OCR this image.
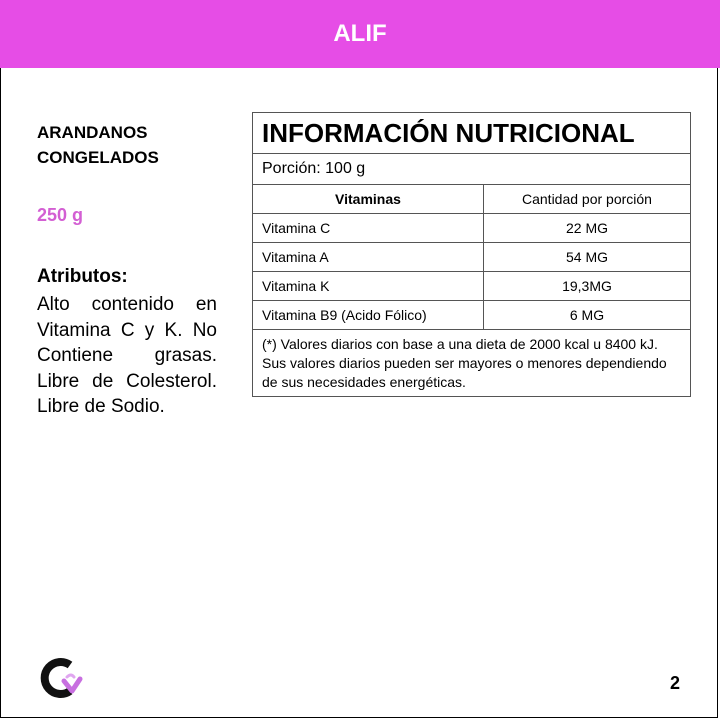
ALIF
ARANDANOS
CONGELADOS
250 g
Atributos:
Alto contenido en Vitamina C y K. No Contiene grasas. Libre de Colesterol. Libre de Sodio.
INFORMACIÓN NUTRICIONAL	
Porción: 100 g	
Vitaminas	Cantidad por porción
Vitamina C	22 MG
Vitamina A	54 MG
Vitamina K	19,3MG
Vitamina B9 (Acido Fólico)	6 MG
(*) Valores diarios con base a una dieta de 2000 kcal u 8400 kJ. Sus valores diarios pueden ser mayores o menores dependiendo de sus necesidades energéticas.	
2
